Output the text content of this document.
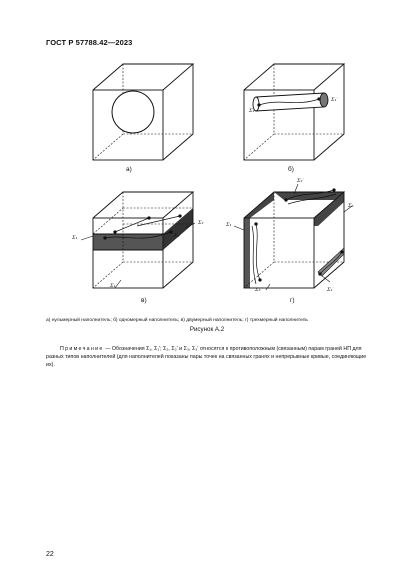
ГОСТ Р 57788.42—2023
а)
Σ₁
Σ₁′
б)
Σ₁
Σ₂
Σ₂′
Σ₁′
в)
Σ₂′
Σ₃
Σ₁
Σ₃′	Σ₁′
г)
а) нульмерный наполнитель; б) одномерный наполнитель; в) двумерный наполнитель; г) трехмерный наполнитель
Рисунок А.2
Примечание — Обозначения Σ₁, Σ₁′; Σ₂, Σ₂′ и Σ₃, Σ₃′ относятся к противоположным (связанным) парам граней НП для разных типов наполнителей (для наполнителей показаны пары точек на связанных гранях и непрерывные кривые, соединяющие их).
22
